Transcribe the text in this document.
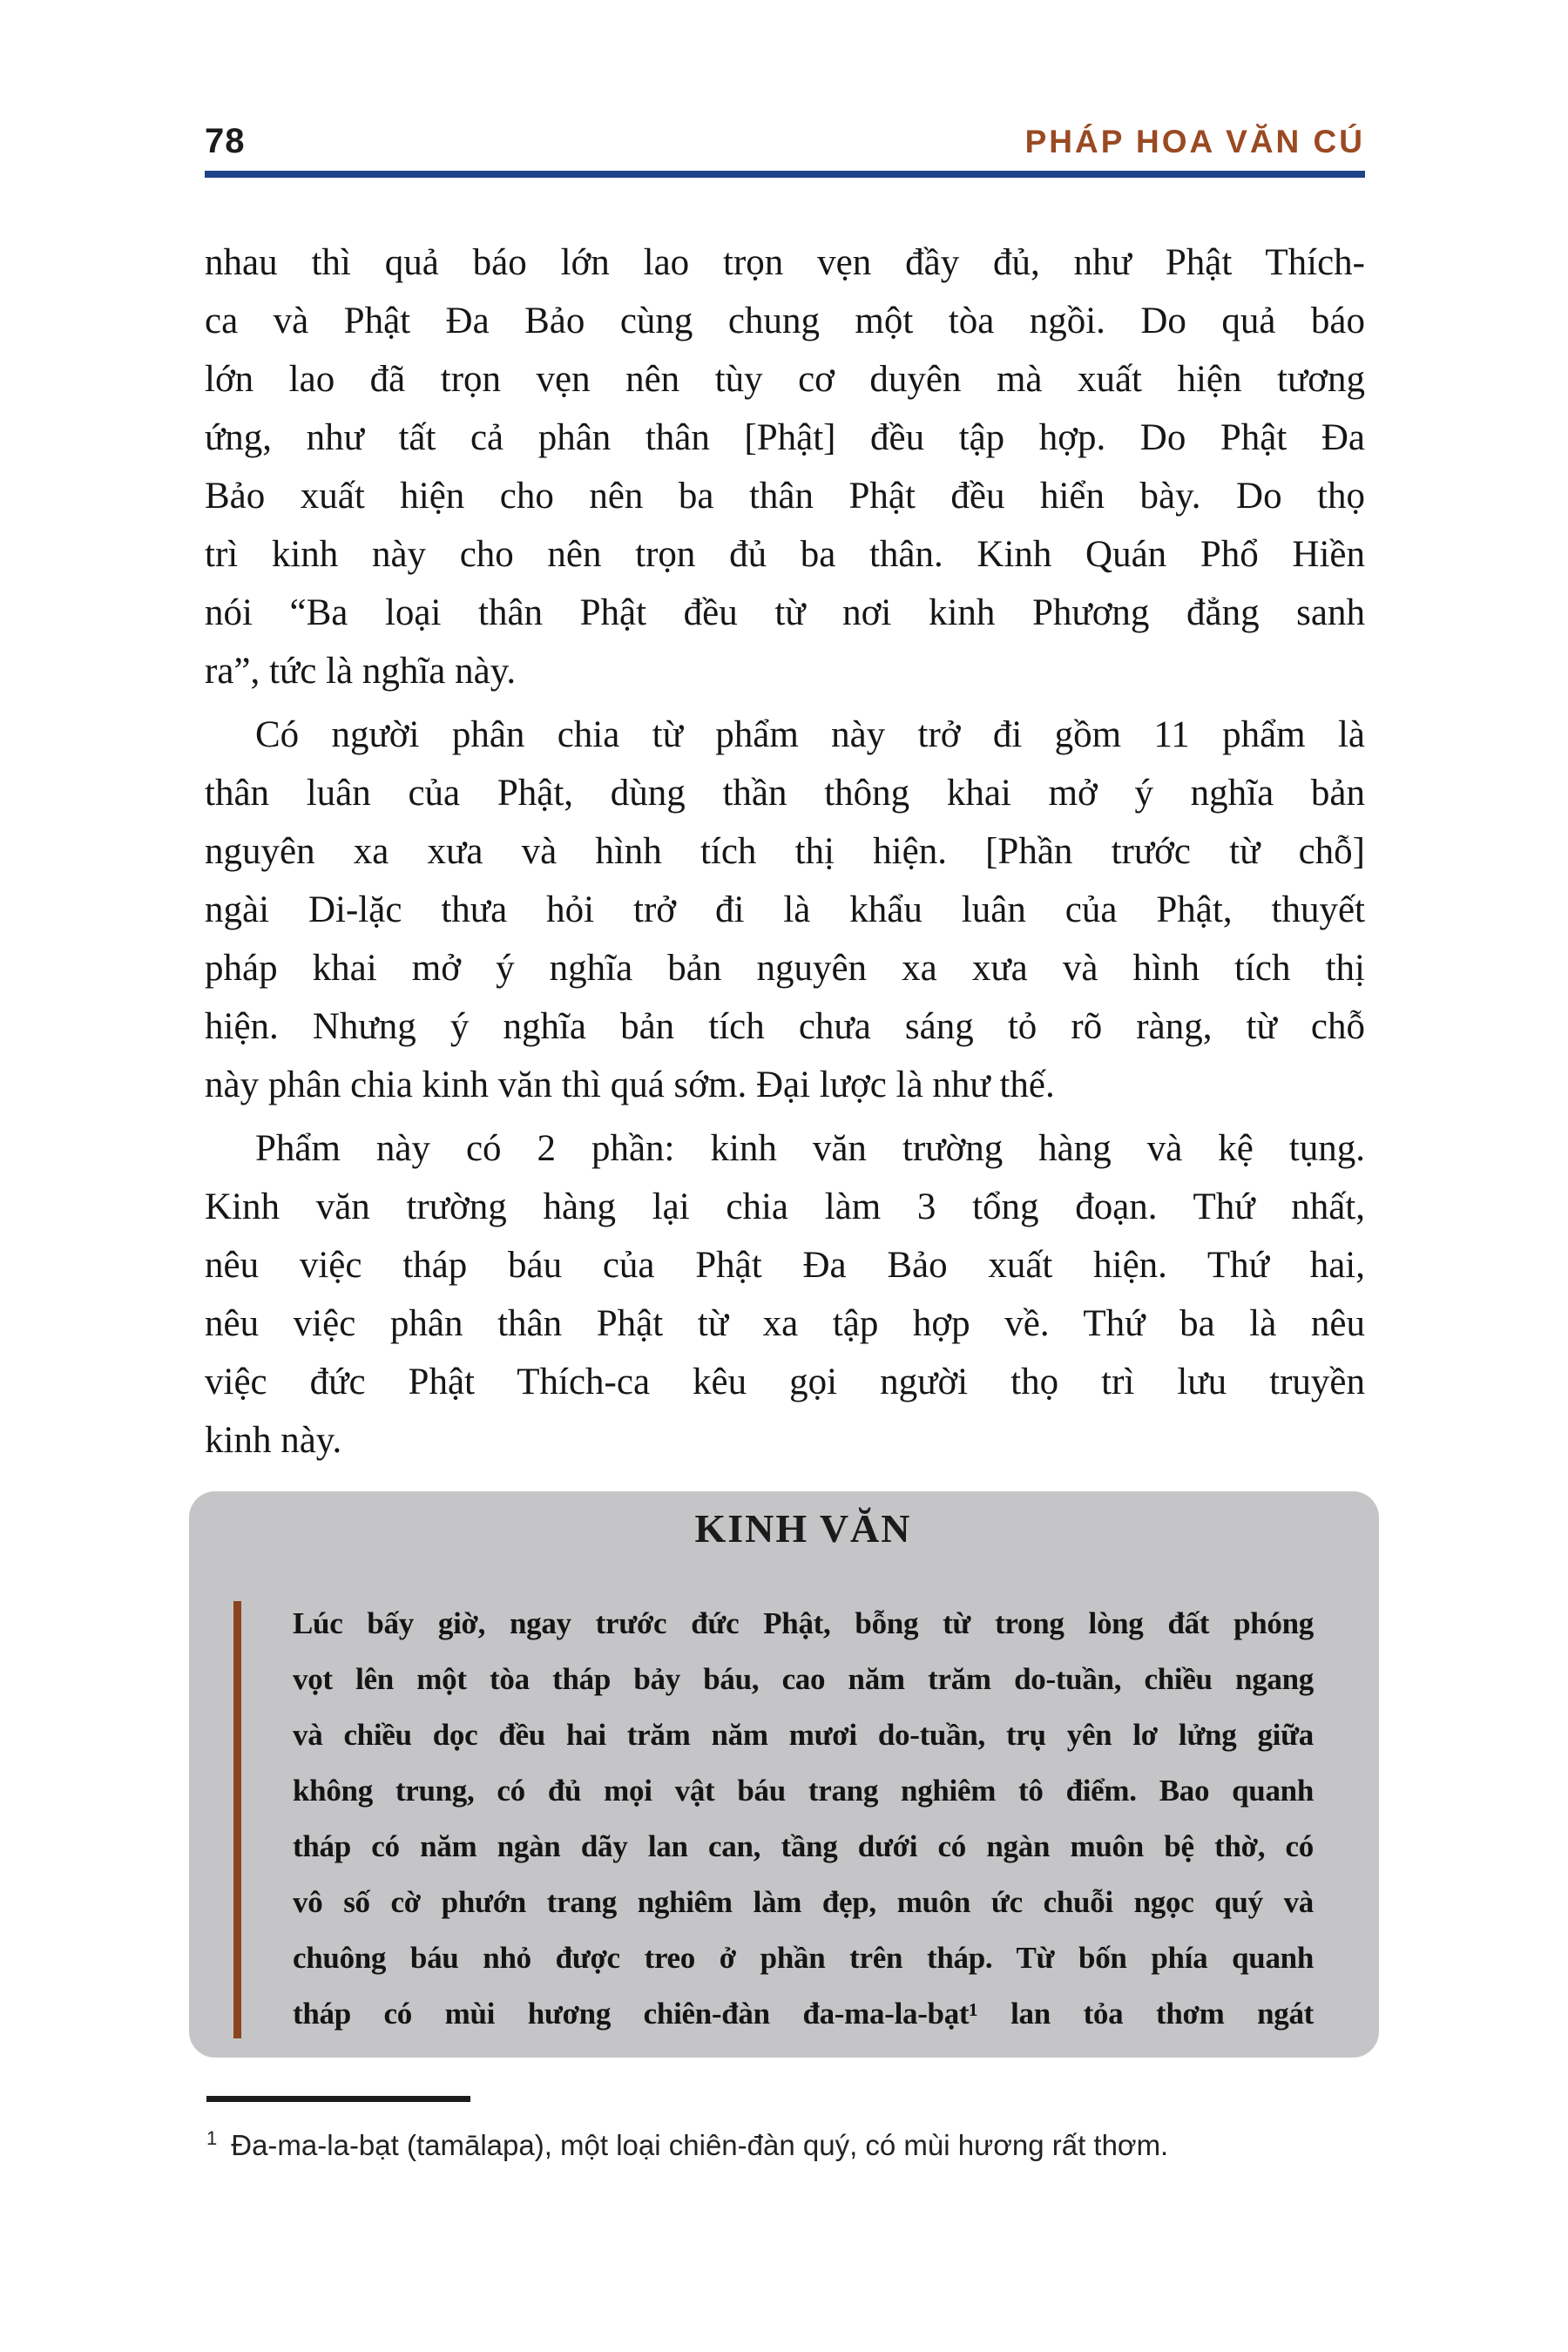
78	PHÁP HOA VĂN CÚ
nhau thì quả báo lớn lao trọn vẹn đầy đủ, như Phật Thích-
ca và Phật Đa Bảo cùng chung một tòa ngồi. Do quả báo
lớn lao đã trọn vẹn nên tùy cơ duyên mà xuất hiện tương
ứng, như tất cả phân thân [Phật] đều tập hợp. Do Phật Đa
Bảo xuất hiện cho nên ba thân Phật đều hiển bày. Do thọ
trì kinh này cho nên trọn đủ ba thân. Kinh Quán Phổ Hiền
nói “Ba loại thân Phật đều từ nơi kinh Phương đẳng sanh
ra”, tức là nghĩa này.
Có người phân chia từ phẩm này trở đi gồm 11 phẩm là
thân luân của Phật, dùng thần thông khai mở ý nghĩa bản
nguyên xa xưa và hình tích thị hiện. [Phần trước từ chỗ]
ngài Di-lặc thưa hỏi trở đi là khẩu luân của Phật, thuyết
pháp khai mở ý nghĩa bản nguyên xa xưa và hình tích thị
hiện. Nhưng ý nghĩa bản tích chưa sáng tỏ rõ ràng, từ chỗ
này phân chia kinh văn thì quá sớm. Đại lược là như thế.
Phẩm này có 2 phần: kinh văn trường hàng và kệ tụng.
Kinh văn trường hàng lại chia làm 3 tổng đoạn. Thứ nhất,
nêu việc tháp báu của Phật Đa Bảo xuất hiện. Thứ hai,
nêu việc phân thân Phật từ xa tập hợp về. Thứ ba là nêu
việc đức Phật Thích-ca kêu gọi người thọ trì lưu truyền
kinh này.
KINH VĂN
Lúc bấy giờ, ngay trước đức Phật, bỗng từ trong lòng đất phóng
vọt lên một tòa tháp bảy báu, cao năm trăm do-tuần, chiều ngang
và chiều dọc đều hai trăm năm mươi do-tuần, trụ yên lơ lửng giữa
không trung, có đủ mọi vật báu trang nghiêm tô điểm. Bao quanh
tháp có năm ngàn dãy lan can, tầng dưới có ngàn muôn bệ thờ, có
vô số cờ phướn trang nghiêm làm đẹp, muôn ức chuỗi ngọc quý và
chuông báu nhỏ được treo ở phần trên tháp. Từ bốn phía quanh
tháp có mùi hương chiên-đàn đa-ma-la-bạt¹ lan tỏa thơm ngát
$^1$ Đa-ma-la-bạt (tamālapa), một loại chiên-đàn quý, có mùi hương rất thơm.
